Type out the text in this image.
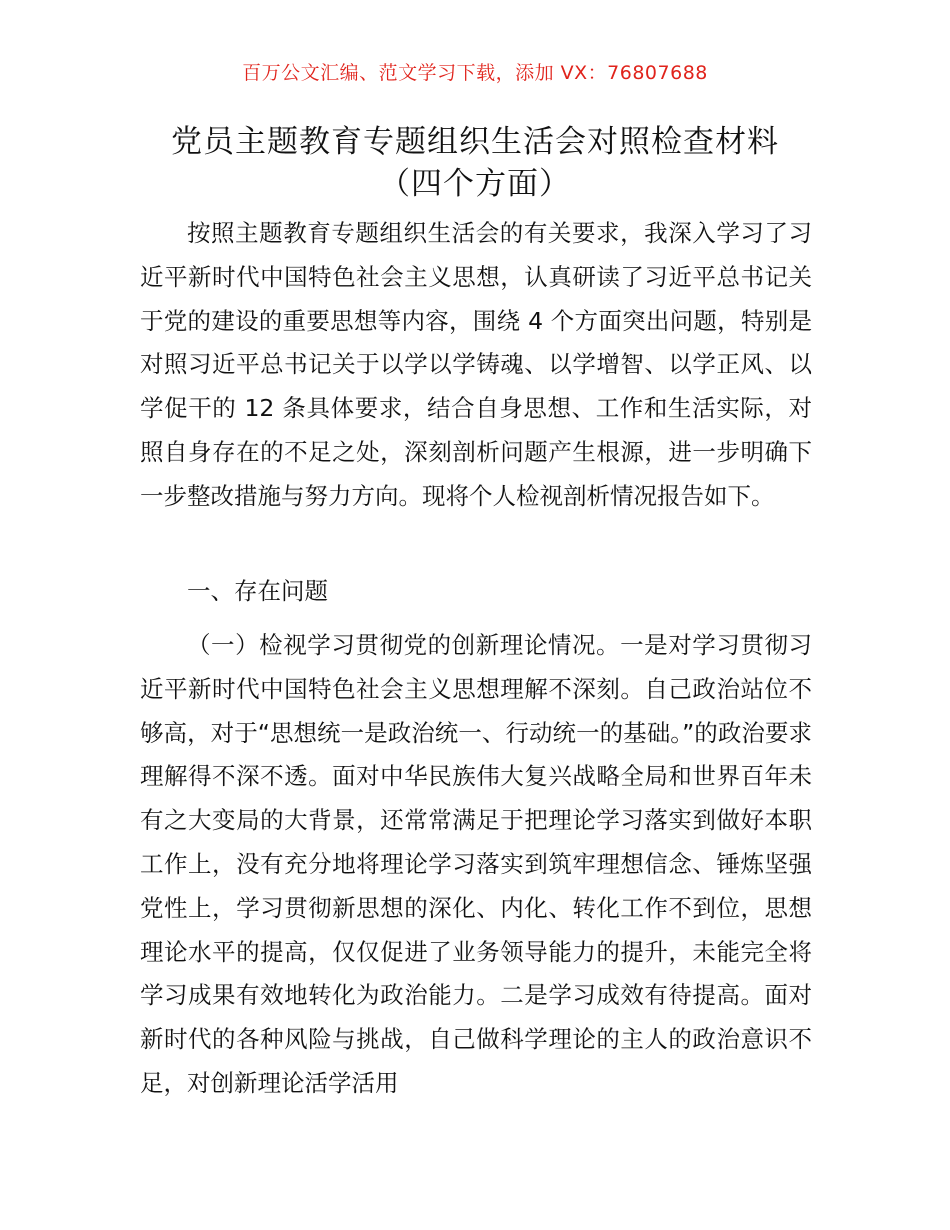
百万公文汇编、范文学习下载，添加 VX：76807688
党员主题教育专题组织生活会对照检查材料
（四个方面）

按照主题教育专题组织生活会的有关要求，我深入学习了习近平新时代中国特色社会主义思想，认真研读了习近平总书记关于党的建设的重要思想等内容，围绕 4 个方面突出问题，特别是对照习近平总书记关于以学以学铸魂、以学增智、以学正风、以学促干的 12 条具体要求，结合自身思想、工作和生活实际，对照自身存在的不足之处，深刻剖析问题产生根源，进一步明确下一步整改措施与努力方向。现将个人检视剖析情况报告如下。

一、存在问题

（一）检视学习贯彻党的创新理论情况。一是对学习贯彻习近平新时代中国特色社会主义思想理解不深刻。自己政治站位不够高，对于“思想统一是政治统一、行动统一的基础。”的政治要求理解得不深不透。面对中华民族伟大复兴战略全局和世界百年未有之大变局的大背景，还常常满足于把理论学习落实到做好本职工作上，没有充分地将理论学习落实到筑牢理想信念、锤炼坚强党性上，学习贯彻新思想的深化、内化、转化工作不到位，思想理论水平的提高，仅仅促进了业务领导能力的提升，未能完全将学习成果有效地转化为政治能力。二是学习成效有待提高。面对新时代的各种风险与挑战，自己做科学理论的主人的政治意识不足，对创新理论活学活用
